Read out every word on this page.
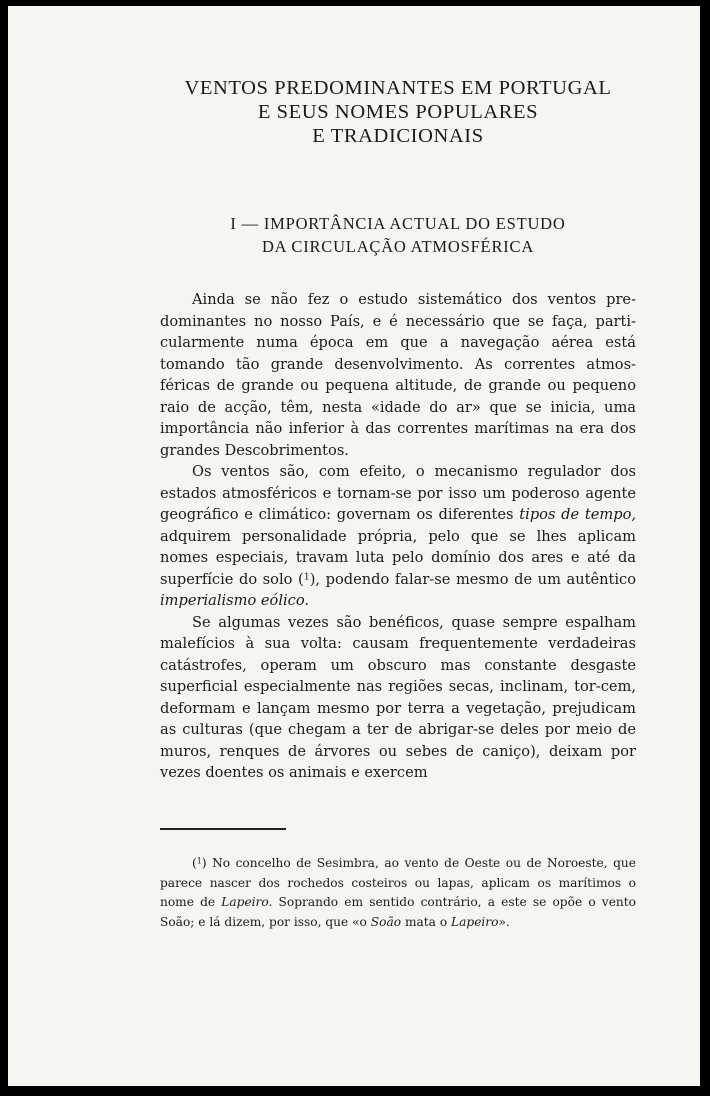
VENTOS PREDOMINANTES EM PORTUGAL
E SEUS NOMES POPULARES
E TRADICIONAIS
I — IMPORTÂNCIA ACTUAL DO ESTUDO
DA CIRCULAÇÃO ATMOSFÉRICA

Ainda se não fez o estudo sistemático dos ventos pre-dominantes no nosso País, e é necessário que se faça, parti-cularmente numa época em que a navegação aérea está tomando tão grande desenvolvimento. As correntes atmos-féricas de grande ou pequena altitude, de grande ou pequeno raio de acção, têm, nesta «idade do ar» que se inicia, uma importância não inferior à das correntes marítimas na era dos grandes Descobrimentos.

Os ventos são, com efeito, o mecanismo regulador dos estados atmosféricos e tornam-se por isso um poderoso agente geográfico e climático: governam os diferentes tipos de tempo, adquirem personalidade própria, pelo que se lhes aplicam nomes especiais, travam luta pelo domínio dos ares e até da superfície do solo ($^1$), podendo falar-se mesmo de um autêntico imperialismo eólico.

Se algumas vezes são benéficos, quase sempre espalham malefícios à sua volta: causam frequentemente verdadeiras catástrofes, operam um obscuro mas constante desgaste superficial especialmente nas regiões secas, inclinam, tor-cem, deformam e lançam mesmo por terra a vegetação, prejudicam as culturas (que chegam a ter de abrigar-se deles por meio de muros, renques de árvores ou sebes de caniço), deixam por vezes doentes os animais e exercem

($^1$) No concelho de Sesimbra, ao vento de Oeste ou de Noroeste, que parece nascer dos rochedos costeiros ou lapas, aplicam os marítimos o nome de Lapeiro. Soprando em sentido contrário, a este se opõe o vento Soão; e lá dizem, por isso, que «o Soão mata o Lapeiro».
